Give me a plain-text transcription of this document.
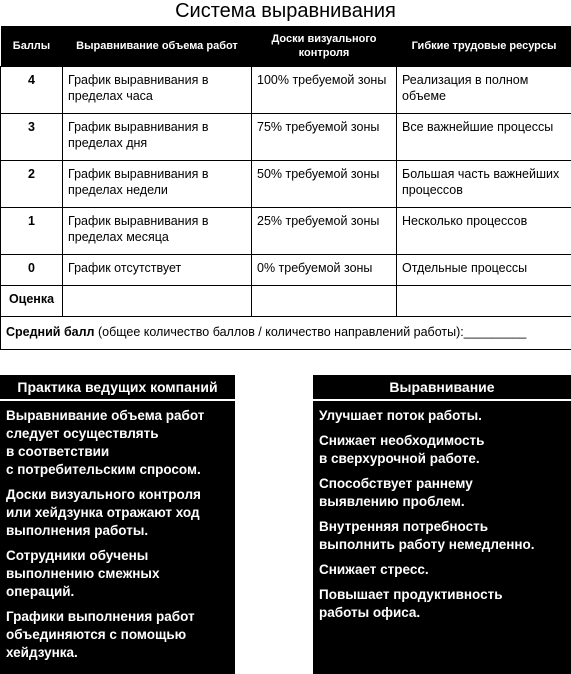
Система выравнивания
Баллы	Выравнивание объема работ	Доски визуального контроля	Гибкие трудовые ресурсы
4	График выравнивания в пределах часа	100% требуемой зоны	Реализация в полном объеме
3	График выравнивания в пределах дня	75% требуемой зоны	Все важнейшие процессы
2	График выравнивания в пределах недели	50% требуемой зоны	Большая часть важнейших процессов
1	График выравнивания в пределах месяца	25% требуемой зоны	Несколько процессов
0	График отсутствует	0% требуемой зоны	Отдельные процессы
Оценка			
Средний балл (общее количество баллов / количество направлений работы):_________			
Практика ведущих компаний
Выравнивание объема работ
следует осуществлять
в соответствии
с потребительским спросом.
Доски визуального контроля
или хейдзунка отражают ход
выполнения работы.
Сотрудники обучены
выполнению смежных
операций.
Графики выполнения работ
объединяются с помощью
хейдзунка.
Выравнивание
Улучшает поток работы.
Снижает необходимость
в сверхурочной работе.
Способствует раннему
выявлению проблем.
Внутренняя потребность
выполнить работу немедленно.
Снижает стресс.
Повышает продуктивность
работы офиса.
